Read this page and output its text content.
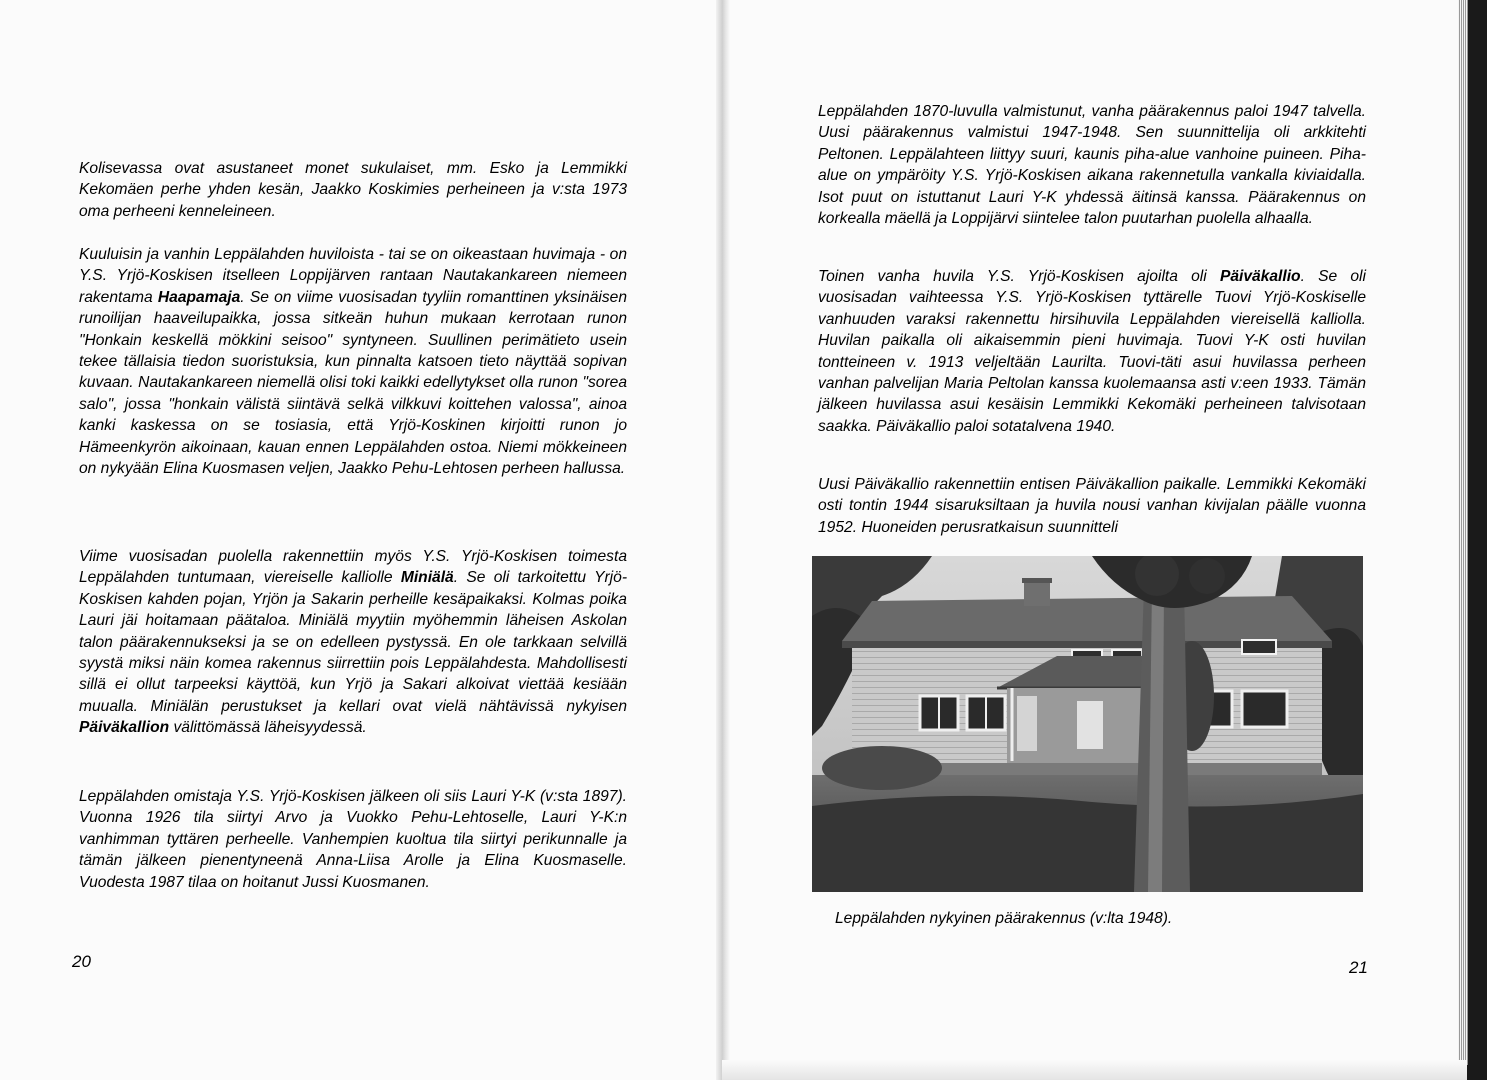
Kolisevassa ovat asustaneet monet sukulaiset, mm. Esko ja Lemmikki Kekomäen perhe yhden kesän, Jaakko Koskimies perheineen ja v:sta 1973 oma perheeni kenneleineen.

Kuuluisin ja vanhin Leppälahden huviloista - tai se on oikeastaan huvimaja - on Y.S. Yrjö-Koskisen itselleen Loppijärven rantaan Nautakankareen niemeen rakentama Haapamaja. Se on viime vuosisadan tyyliin romanttinen yksinäisen runoilijan haaveilupaikka, jossa sitkeän huhun mukaan kerrotaan runon "Honkain keskellä mökkini seisoo" syntyneen. Suullinen perimätieto usein tekee tällaisia tiedon suoristuksia, kun pinnalta katsoen tieto näyttää sopivan kuvaan. Nautakankareen niemellä olisi toki kaikki edellytykset olla runon "sorea salo", jossa "honkain välistä siintävä selkä vilkkuvi koittehen valossa", ainoa kanki kaskessa on se tosiasia, että Yrjö-Koskinen kirjoitti runon jo Hämeenkyrön aikoinaan, kauan ennen Leppälahden ostoa. Niemi mökkeineen on nykyään Elina Kuosmasen veljen, Jaakko Pehu-Lehtosen perheen hallussa.

Viime vuosisadan puolella rakennettiin myös Y.S. Yrjö-Koskisen toimesta Leppälahden tuntumaan, viereiselle kalliolle Miniälä. Se oli tarkoitettu Yrjö-Koskisen kahden pojan, Yrjön ja Sakarin perheille kesäpaikaksi. Kolmas poika Lauri jäi hoitamaan päätaloa. Miniälä myytiin myöhemmin läheisen Askolan talon päärakennukseksi ja se on edelleen pystyssä. En ole tarkkaan selvillä syystä miksi näin komea rakennus siirrettiin pois Leppälahdesta. Mahdollisesti sillä ei ollut tarpeeksi käyttöä, kun Yrjö ja Sakari alkoivat viettää kesiään muualla. Miniälän perustukset ja kellari ovat vielä nähtävissä nykyisen Päiväkallion välittömässä läheisyydessä.

Leppälahden omistaja Y.S. Yrjö-Koskisen jälkeen oli siis Lauri Y-K (v:sta 1897). Vuonna 1926 tila siirtyi Arvo ja Vuokko Pehu-Lehtoselle, Lauri Y-K:n vanhimman tyttären perheelle. Vanhempien kuoltua tila siirtyi perikunnalle ja tämän jälkeen pienentyneenä Anna-Liisa Arolle ja Elina Kuosmaselle. Vuodesta 1987 tilaa on hoitanut Jussi Kuosmanen.

20

Leppälahden 1870-luvulla valmistunut, vanha päärakennus paloi 1947 talvella. Uusi päärakennus valmistui 1947-1948. Sen suunnittelija oli arkkitehti Peltonen. Leppälahteen liittyy suuri, kaunis piha-alue vanhoine puineen. Piha-alue on ympäröity Y.S. Yrjö-Koskisen aikana rakennetulla vankalla kiviaidalla. Isot puut on istuttanut Lauri Y-K yhdessä äitinsä kanssa. Päärakennus on korkealla mäellä ja Loppijärvi siintelee talon puutarhan puolella alhaalla.

Toinen vanha huvila Y.S. Yrjö-Koskisen ajoilta oli Päiväkallio. Se oli vuosisadan vaihteessa Y.S. Yrjö-Koskisen tyttärelle Tuovi Yrjö-Koskiselle vanhuuden varaksi rakennettu hirsihuvila Leppälahden viereisellä kalliolla. Huvilan paikalla oli aikaisemmin pieni huvimaja. Tuovi Y-K osti huvilan tontteineen v. 1913 veljeltään Laurilta. Tuovi-täti asui huvilassa perheen vanhan palvelijan Maria Peltolan kanssa kuolemaansa asti v:een 1933. Tämän jälkeen huvilassa asui kesäisin Lemmikki Kekomäki perheineen talvisotaan saakka. Päiväkallio paloi sotatalvena 1940.

Uusi Päiväkallio rakennettiin entisen Päiväkallion paikalle. Lemmikki Kekomäki osti tontin 1944 sisaruksiltaan ja huvila nousi vanhan kivijalan päälle vuonna 1952. Huoneiden perusratkaisun suunnitteli

Leppälahden nykyinen päärakennus (v:lta 1948).

21
